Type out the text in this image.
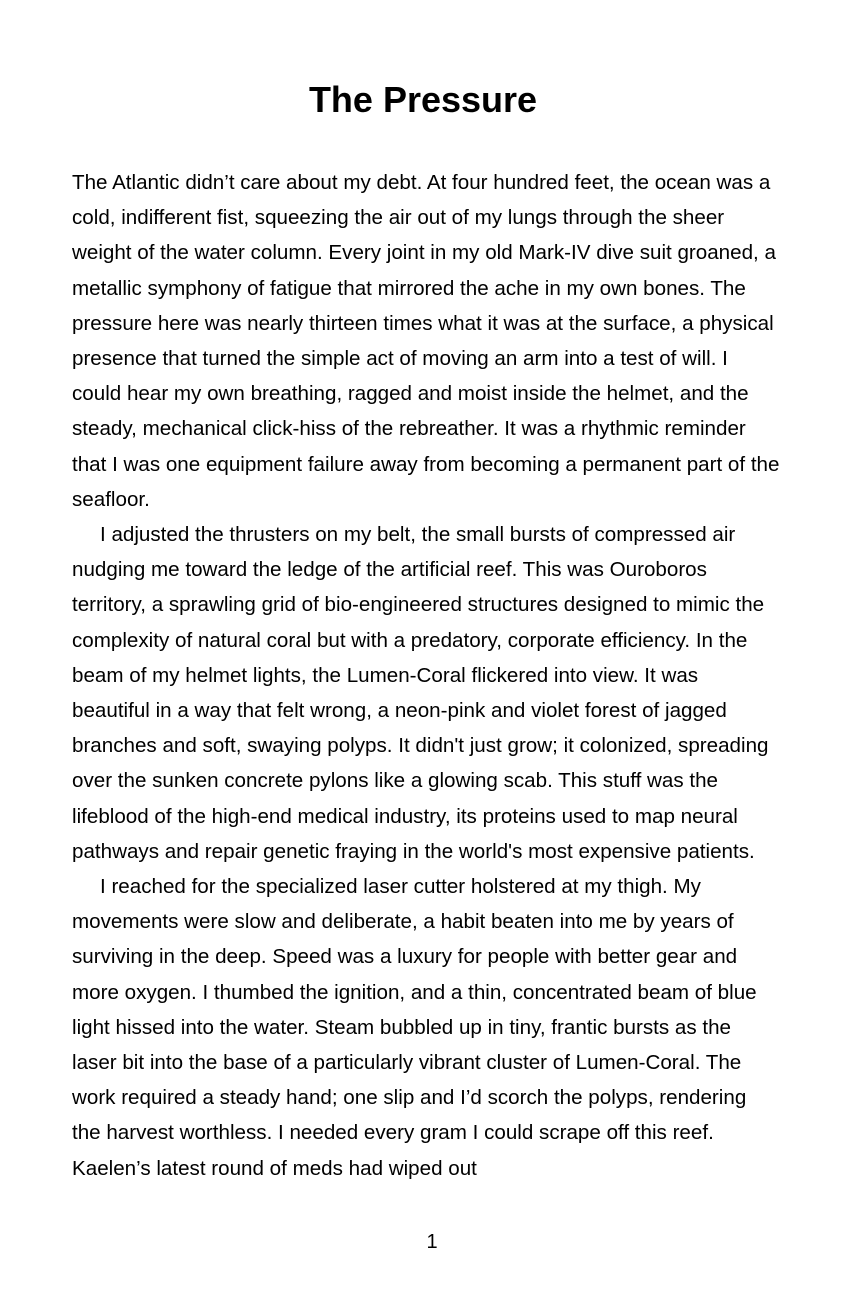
The Pressure

The Atlantic didn’t care about my debt. At four hundred feet, the ocean was a cold, indifferent fist, squeezing the air out of my lungs through the sheer weight of the water column. Every joint in my old Mark-IV dive suit groaned, a metallic symphony of fatigue that mirrored the ache in my own bones. The pressure here was nearly thirteen times what it was at the surface, a physical presence that turned the simple act of moving an arm into a test of will. I could hear my own breathing, ragged and moist inside the helmet, and the steady, mechanical click-hiss of the rebreather. It was a rhythmic reminder that I was one equipment failure away from becoming a permanent part of the seafloor.

I adjusted the thrusters on my belt, the small bursts of compressed air nudging me toward the ledge of the artificial reef. This was Ouroboros territory, a sprawling grid of bio-engineered structures designed to mimic the complexity of natural coral but with a predatory, corporate efficiency. In the beam of my helmet lights, the Lumen-Coral flickered into view. It was beautiful in a way that felt wrong, a neon-pink and violet forest of jagged branches and soft, swaying polyps. It didn't just grow; it colonized, spreading over the sunken concrete pylons like a glowing scab. This stuff was the lifeblood of the high-end medical industry, its proteins used to map neural pathways and repair genetic fraying in the world's most expensive patients.

I reached for the specialized laser cutter holstered at my thigh. My movements were slow and deliberate, a habit beaten into me by years of surviving in the deep. Speed was a luxury for people with better gear and more oxygen. I thumbed the ignition, and a thin, concentrated beam of blue light hissed into the water. Steam bubbled up in tiny, frantic bursts as the laser bit into the base of a particularly vibrant cluster of Lumen-Coral. The work required a steady hand; one slip and I’d scorch the polyps, rendering the harvest worthless. I needed every gram I could scrape off this reef. Kaelen’s latest round of meds had wiped out

1
